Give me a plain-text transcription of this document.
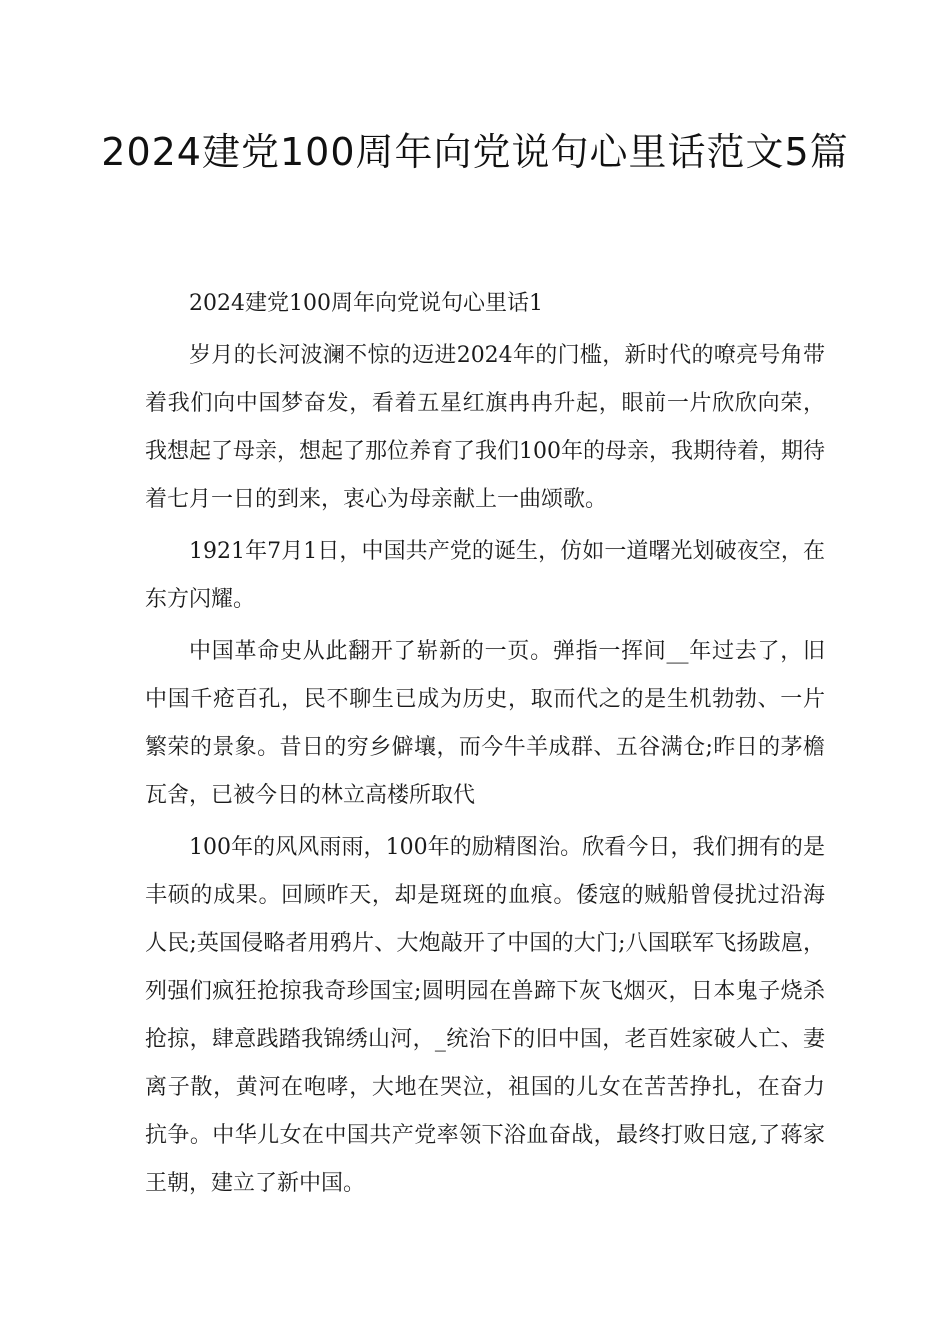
2024建党100周年向党说句心里话范文5篇

2024建党100周年向党说句心里话1

岁月的长河波澜不惊的迈进2024年的门槛，新时代的嘹亮号角带着我们向中国梦奋发，看着五星红旗冉冉升起，眼前一片欣欣向荣，我想起了母亲，想起了那位养育了我们100年的母亲，我期待着，期待着七月一日的到来，衷心为母亲献上一曲颂歌。

1921年7月1日，中国共产党的诞生，仿如一道曙光划破夜空，在东方闪耀。

中国革命史从此翻开了崭新的一页。弹指一挥间__年过去了，旧中国千疮百孔，民不聊生已成为历史，取而代之的是生机勃勃、一片繁荣的景象。昔日的穷乡僻壤，而今牛羊成群、五谷满仓;昨日的茅檐瓦舍，已被今日的林立高楼所取代

100年的风风雨雨，100年的励精图治。欣看今日，我们拥有的是丰硕的成果。回顾昨天，却是斑斑的血痕。倭寇的贼船曾侵扰过沿海人民;英国侵略者用鸦片、大炮敲开了中国的大门;八国联军飞扬跋扈，列强们疯狂抢掠我奇珍国宝;圆明园在兽蹄下灰飞烟灭，日本鬼子烧杀抢掠，肆意践踏我锦绣山河，_统治下的旧中国，老百姓家破人亡、妻离子散，黄河在咆哮，大地在哭泣，祖国的儿女在苦苦挣扎，在奋力抗争。中华儿女在中国共产党率领下浴血奋战，最终打败日寇,了蒋家王朝，建立了新中国。
